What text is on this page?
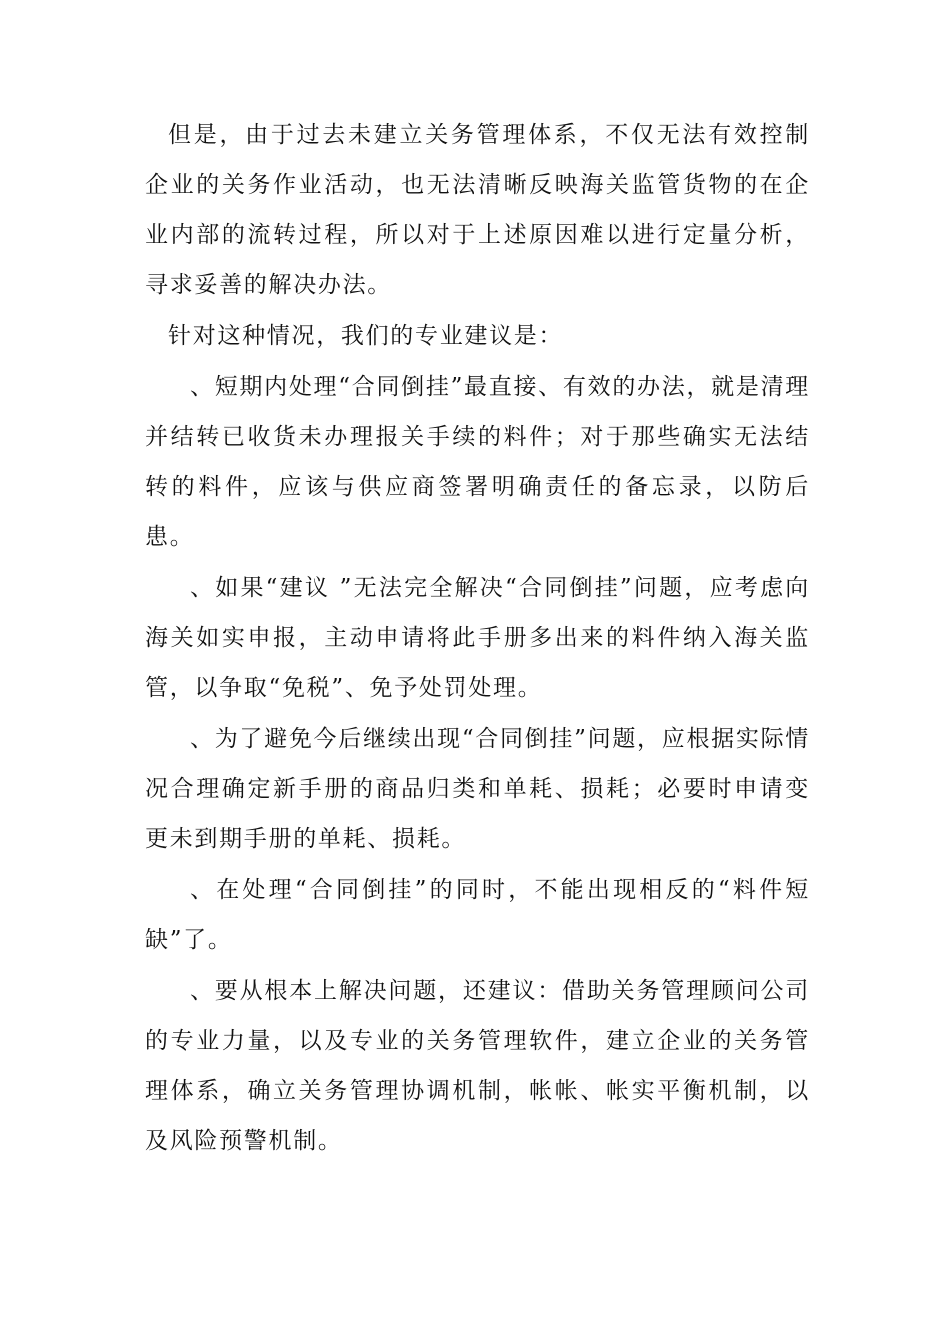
但是，由于过去未建立关务管理体系，不仅无法有效控制企业的关务作业活动，也无法清晰反映海关监管货物的在企业内部的流转过程，所以对于上述原因难以进行定量分析，寻求妥善的解决办法。

针对这种情况，我们的专业建议是：

、短期内处理“合同倒挂”最直接、有效的办法，就是清理并结转已收货未办理报关手续的料件；对于那些确实无法结转的料件，应该与供应商签署明确责任的备忘录，以防后患。

、如果“建议 ”无法完全解决“合同倒挂”问题，应考虑向海关如实申报，主动申请将此手册多出来的料件纳入海关监管，以争取“免税”、免予处罚处理。

、为了避免今后继续出现“合同倒挂”问题，应根据实际情况合理确定新手册的商品归类和单耗、损耗；必要时申请变更未到期手册的单耗、损耗。

、在处理“合同倒挂”的同时，不能出现相反的“料件短缺”了。

、要从根本上解决问题，还建议：借助关务管理顾问公司的专业力量，以及专业的关务管理软件，建立企业的关务管理体系，确立关务管理协调机制，帐帐、帐实平衡机制，以及风险预警机制。
